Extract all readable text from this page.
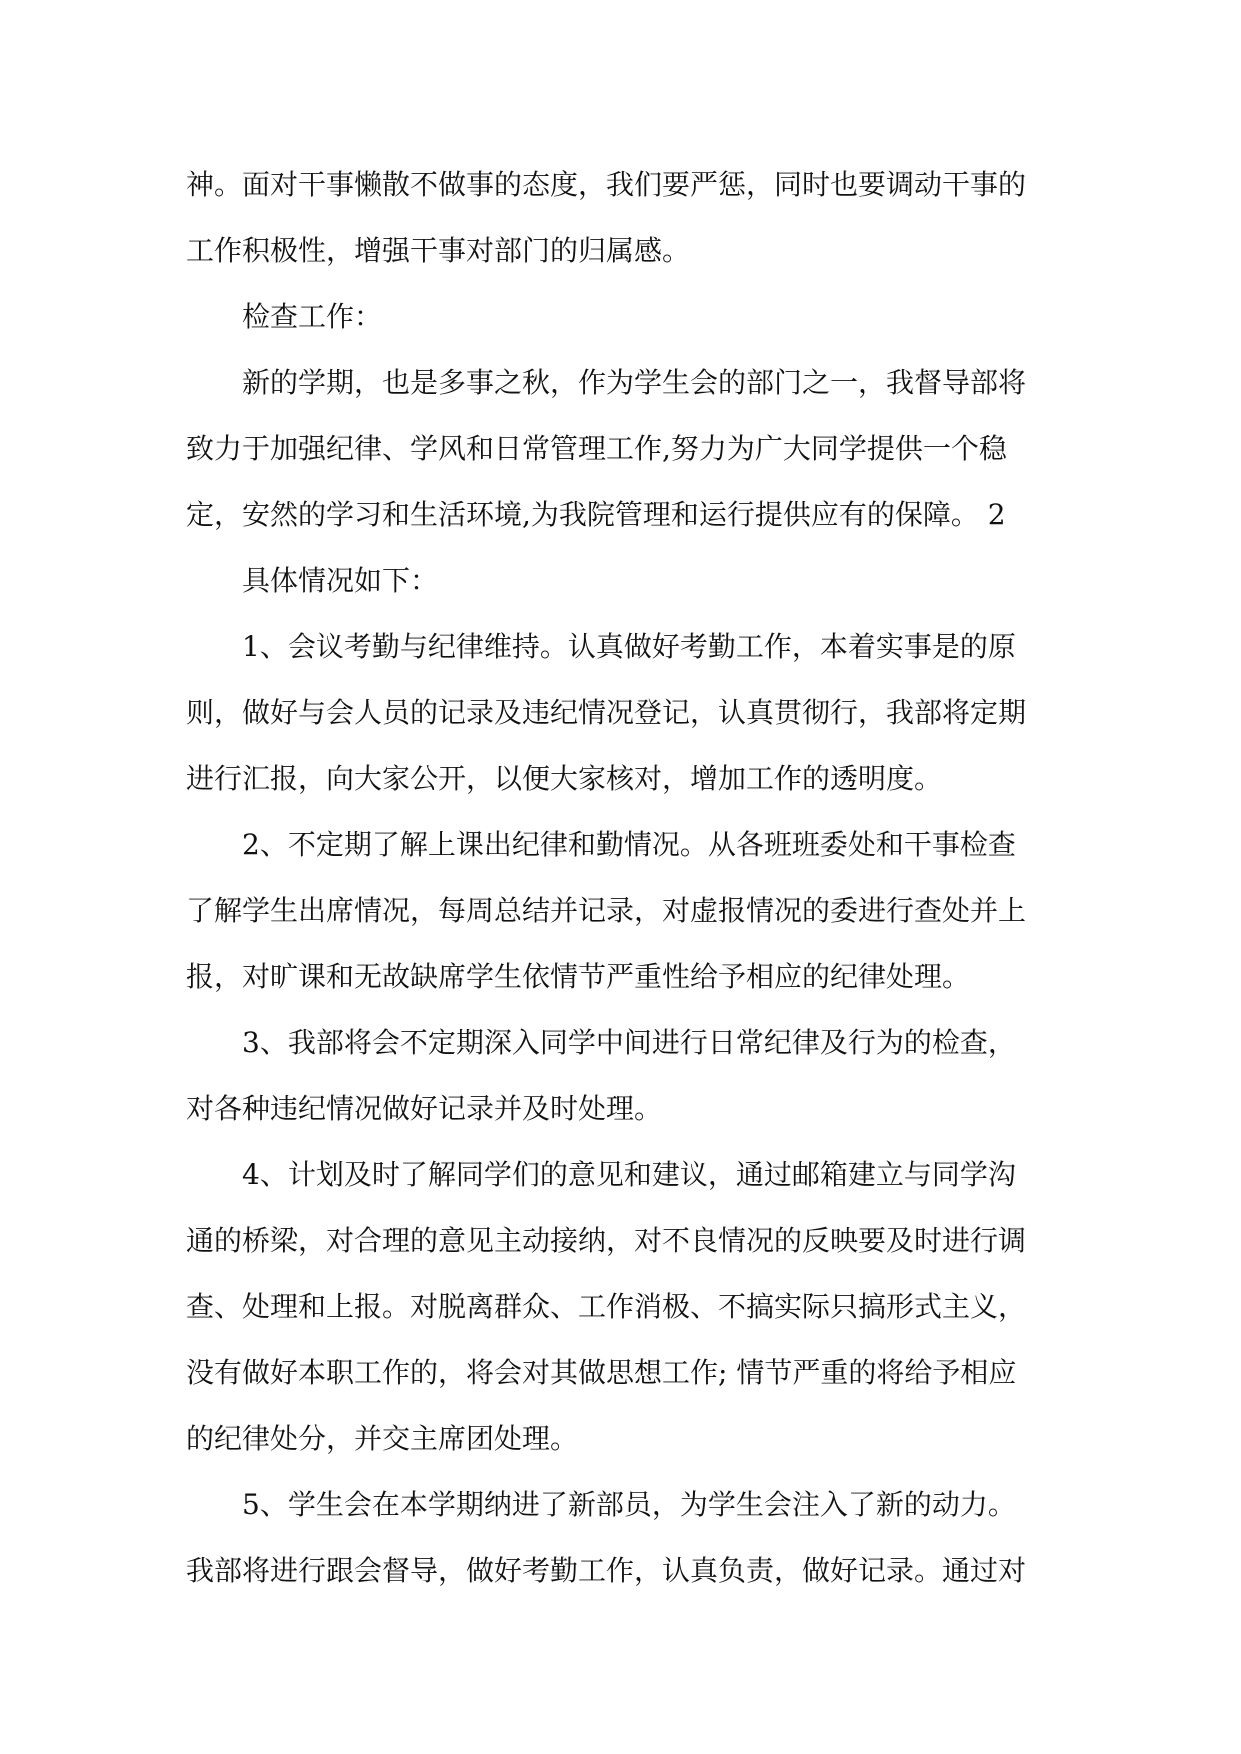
神。面对干事懒散不做事的态度，我们要严惩，同时也要调动干事的
工作积极性，增强干事对部门的归属感。
检查工作：
新的学期，也是多事之秋，作为学生会的部门之一，我督导部将
致力于加强纪律、学风和日常管理工作,努力为广大同学提供一个稳
定，安然的学习和生活环境,为我院管理和运行提供应有的保障。 2
具体情况如下：
1、会议考勤与纪律维持。认真做好考勤工作，本着实事是的原
则，做好与会人员的记录及违纪情况登记，认真贯彻行，我部将定期
进行汇报，向大家公开，以便大家核对，增加工作的透明度。
2、不定期了解上课出纪律和勤情况。从各班班委处和干事检查
了解学生出席情况，每周总结并记录，对虚报情况的委进行查处并上
报，对旷课和无故缺席学生依情节严重性给予相应的纪律处理。
3、我部将会不定期深入同学中间进行日常纪律及行为的检查，
对各种违纪情况做好记录并及时处理。
4、计划及时了解同学们的意见和建议，通过邮箱建立与同学沟
通的桥梁，对合理的意见主动接纳，对不良情况的反映要及时进行调
查、处理和上报。对脱离群众、工作消极、不搞实际只搞形式主义，
没有做好本职工作的，将会对其做思想工作; 情节严重的将给予相应
的纪律处分，并交主席团处理。
5、学生会在本学期纳进了新部员，为学生会注入了新的动力。
我部将进行跟会督导，做好考勤工作，认真负责，做好记录。通过对
